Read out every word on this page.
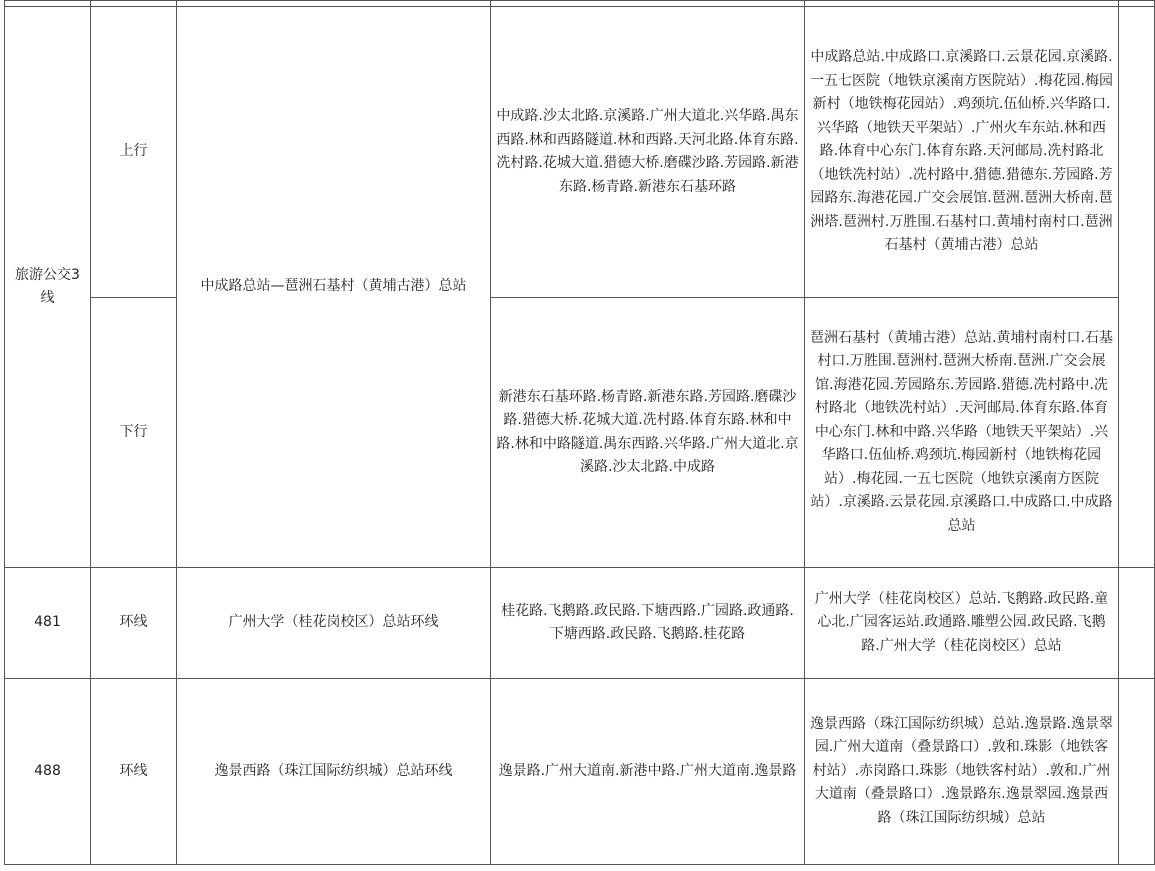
旅游公交3线	上行	中成路总站—琶洲石基村（黄埔古港）总站	中成路.沙太北路.京溪路.广州大道北.兴华路.禺东西路.林和西路隧道.林和西路.天河北路.体育东路.冼村路.花城大道.猎德大桥.磨碟沙路.芳园路.新港东路.杨青路.新港东石基环路	中成路总站.中成路口.京溪路口.云景花园.京溪路.一五七医院（地铁京溪南方医院站）.梅花园.梅园新村（地铁梅花园站）.鸡颈坑.伍仙桥.兴华路口.兴华路（地铁天平架站）.广州火车东站.林和西路.体育中心东门.体育东路.天河邮局.冼村路北（地铁冼村站）.冼村路中.猎德.猎德东.芳园路.芳园路东.海港花园.广交会展馆.琶洲.琶洲大桥南.琶洲塔.琶洲村.万胜围.石基村口.黄埔村南村口.琶洲石基村（黄埔古港）总站	
	下行		新港东石基环路.杨青路.新港东路.芳园路.磨碟沙路.猎德大桥.花城大道.冼村路.体育东路.林和中路.林和中路隧道.禺东西路.兴华路.广州大道北.京溪路.沙太北路.中成路	琶洲石基村（黄埔古港）总站.黄埔村南村口.石基村口.万胜围.琶洲村.琶洲大桥南.琶洲.广交会展馆.海港花园.芳园路东.芳园路.猎德.冼村路中.冼村路北（地铁冼村站）.天河邮局.体育东路.体育中心东门.林和中路.兴华路（地铁天平架站）.兴华路口.伍仙桥.鸡颈坑.梅园新村（地铁梅花园站）.梅花园.一五七医院（地铁京溪南方医院站）.京溪路.云景花园.京溪路口.中成路口.中成路总站	
481	环线	广州大学（桂花岗校区）总站环线	桂花路.飞鹅路.政民路.下塘西路.广园路.政通路.下塘西路.政民路.飞鹅路.桂花路	广州大学（桂花岗校区）总站.飞鹅路.政民路.童心北.广园客运站.政通路.雕塑公园.政民路.飞鹅路.广州大学（桂花岗校区）总站	
488	环线	逸景西路（珠江国际纺织城）总站环线	逸景路.广州大道南.新港中路.广州大道南.逸景路	逸景西路（珠江国际纺织城）总站.逸景路.逸景翠园.广州大道南（叠景路口）.敦和.珠影（地铁客村站）.赤岗路口.珠影（地铁客村站）.敦和.广州大道南（叠景路口）.逸景路东.逸景翠园.逸景西路（珠江国际纺织城）总站	
